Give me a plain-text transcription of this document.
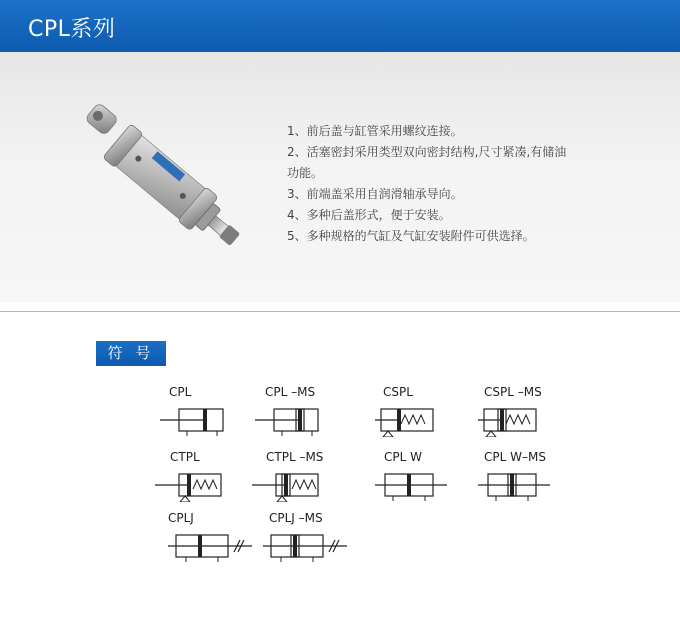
CPL系列
1、前后盖与缸管采用螺纹连接。
2、活塞密封采用类型双向密封结构,尺寸紧凑,有储油
功能。
3、前端盖采用自润滑轴承导向。
4、多种后盖形式，便于安装。
5、多种规格的气缸及气缸安装附件可供选择。
符 号
CPL	CPL –MS	CSPL	CSPL –MS
CTPL	CTPL –MS	CPL W	CPL W–MS
CPLJ	CPLJ –MS
